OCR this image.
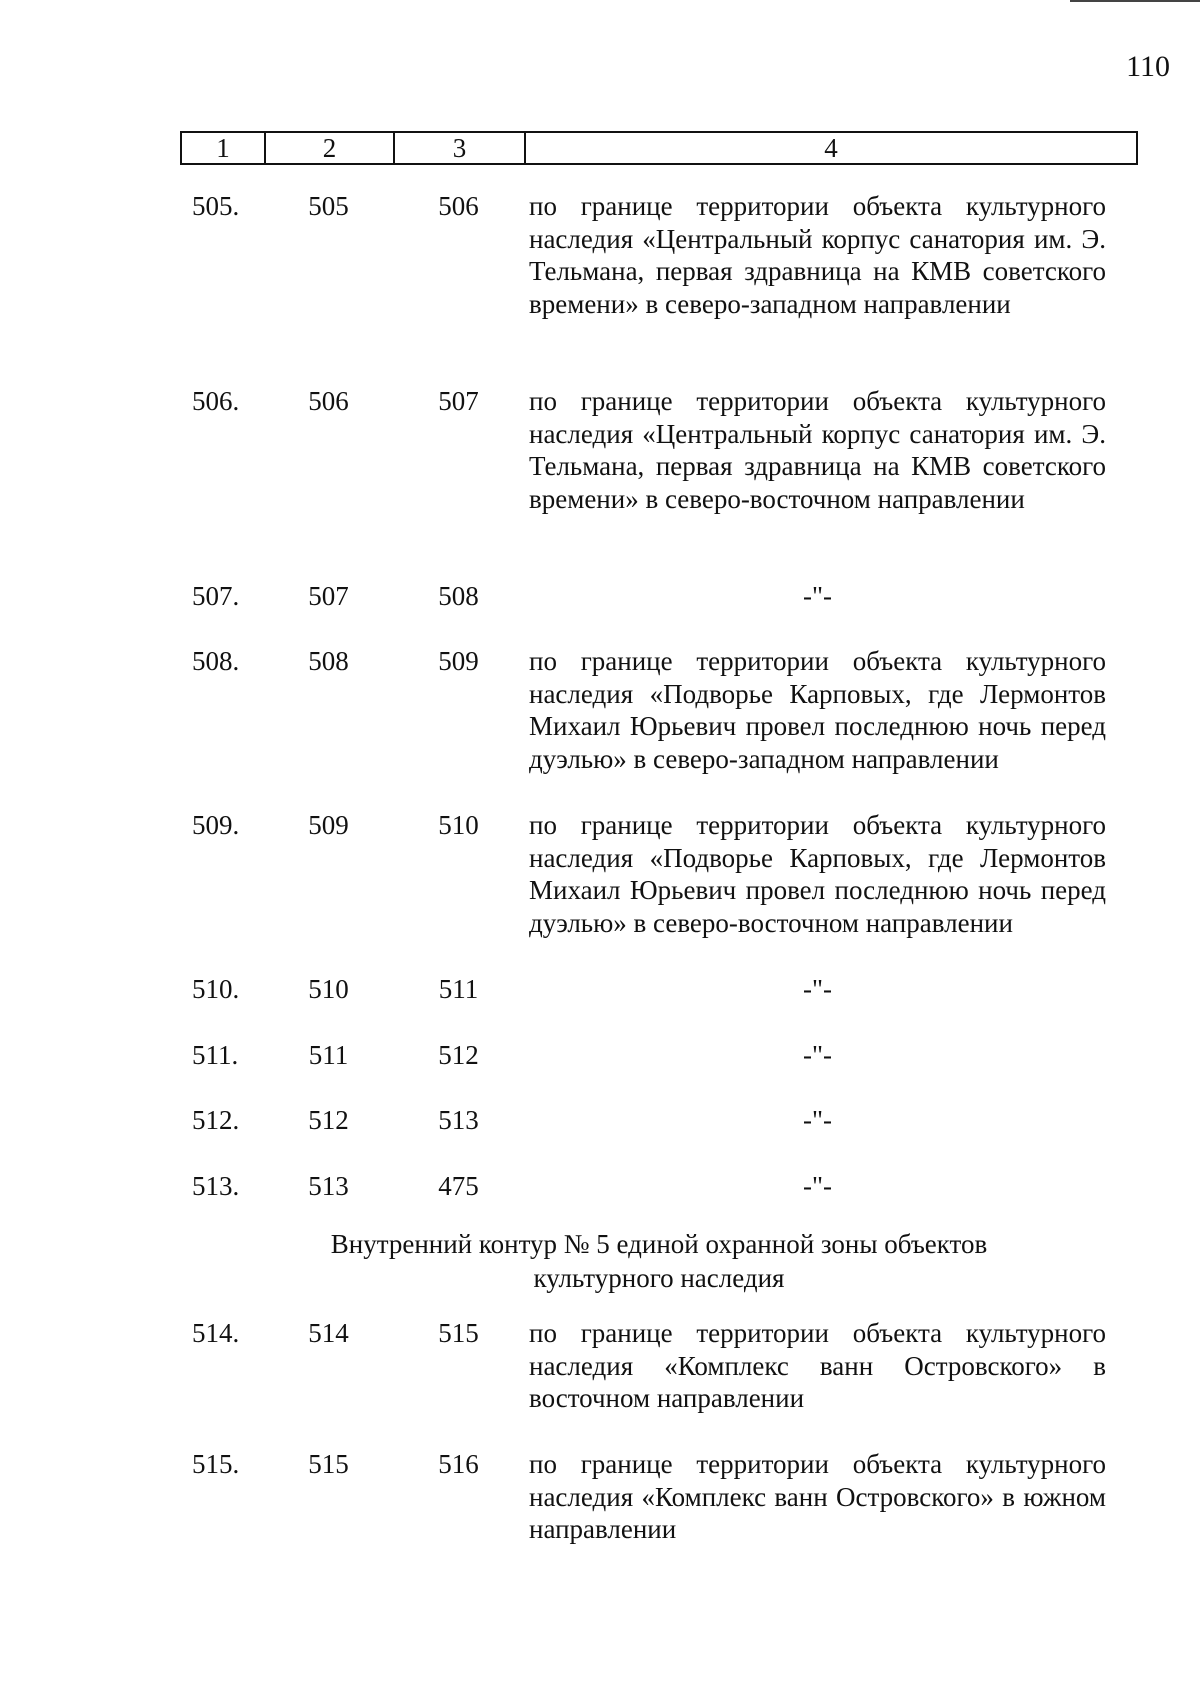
110
1	2	3	4
505.	505	506	по границе территории объекта культурного наследия «Центральный корпус санатория им. Э. Тельмана, первая здравница на КМВ советского времени» в северо-западном направлении
506.	506	507	по границе территории объекта культурного наследия «Центральный корпус санатория им. Э. Тельмана, первая здравница на КМВ советского времени» в северо-восточном направлении
507.	507	508	-"-
508.	508	509	по границе территории объекта культурного наследия «Подворье Карповых, где Лермонтов Михаил Юрьевич провел последнюю ночь перед дуэлью» в северо-западном направлении
509.	509	510	по границе территории объекта культурного наследия «Подворье Карповых, где Лермонтов Михаил Юрьевич провел последнюю ночь перед дуэлью» в северо-восточном направлении
510.	510	511	-"-
511.	511	512	-"-
512.	512	513	-"-
513.	513	475	-"-
Внутренний контур № 5 единой охранной зоны объектов
культурного наследия
514.	514	515	по границе территории объекта культурного наследия «Комплекс ванн Островского» в восточном направлении
515.	515	516	по границе территории объекта культурного наследия «Комплекс ванн Островского» в южном направлении
